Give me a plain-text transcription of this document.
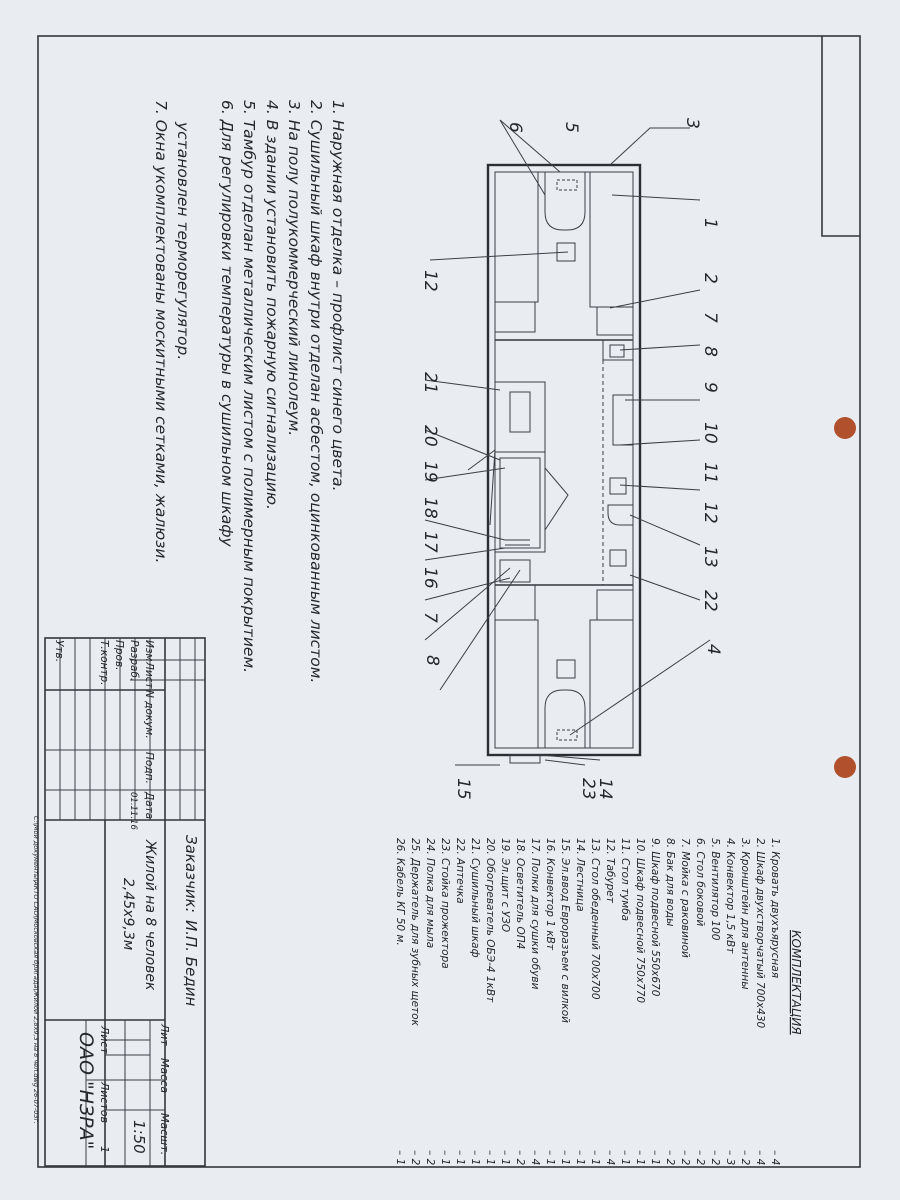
3
5
6
12
1
2
7
8
9
10
11
12
13
22
4
21
20
19
18
17
16
7
8
14
23
15
1. Наружная отделка – профлист синего цвета.
2. Сушильный шкаф внутри отделан асбестом, оцинкованным листом.
3. На полу полукоммерческий линолеум.
4. В здании установить пожарную сигнализацию.
5. Тамбур отделан металлическим листом с полимерным покрытием.
6. Для регулировки температуры в сушильном шкафу
установлен терморегулятор.
7. Окна укомплектованы москитными сетками, жалюзи.
КОМПЛЕКТАЦИЯ
1. Кровать двухъярусная
2. Шкаф двухстворчатый 700х430
3. Кронштейн для антенны
4. Конвектор 1,5 кВт
5. Вентилятор 100
6. Стол боковой
7. Мойка с раковиной
8. Бак для воды
9. Шкаф подвесной 550х670
10. Шкаф подвесной 750х770
11. Стол тумба
12. Табурет
13. Стол обеденный 700х700
14. Лестница
15. Эл.ввод Евроразъем с вилкой
16. Конвектор 1 кВт
17. Полки для сушки обуви
18. Осветитель ОП4
19. Эл.щит с УЗО
20. Обогреватель ОБЭ-4 1кВт
21. Сушильный шкаф
22. Аптечка
23. Стойка прожектора
24. Полка для мыла
25. Держатель для зубных щеток
26. Кабель КГ 50 м.
– 4
– 4
– 2
– 3
– 2
– 2
– 2
– 2
– 1
– 1
– 1
– 4
– 1
– 1
– 1
– 1
– 4
– 2
– 1
– 1
– 1
– 1
– 1
– 2
– 2
– 1
Изм
Лист
N докум.
Подп.
Дата
Разраб.
Пров.
Т.контр.
Утв.
01.11.16
Заказчик:
И.П. Бедин
Жилой на 8 человек
2,45х9,3м
Лит
Масса
Масшт.
1:50
Лист
Листов
1
ОАО "НЗРА"
С:\Мои документы\АКТО САО\Московская бригада\Жилой 2,8х9,3 на 8 чел.dwg 26-07-03г.
